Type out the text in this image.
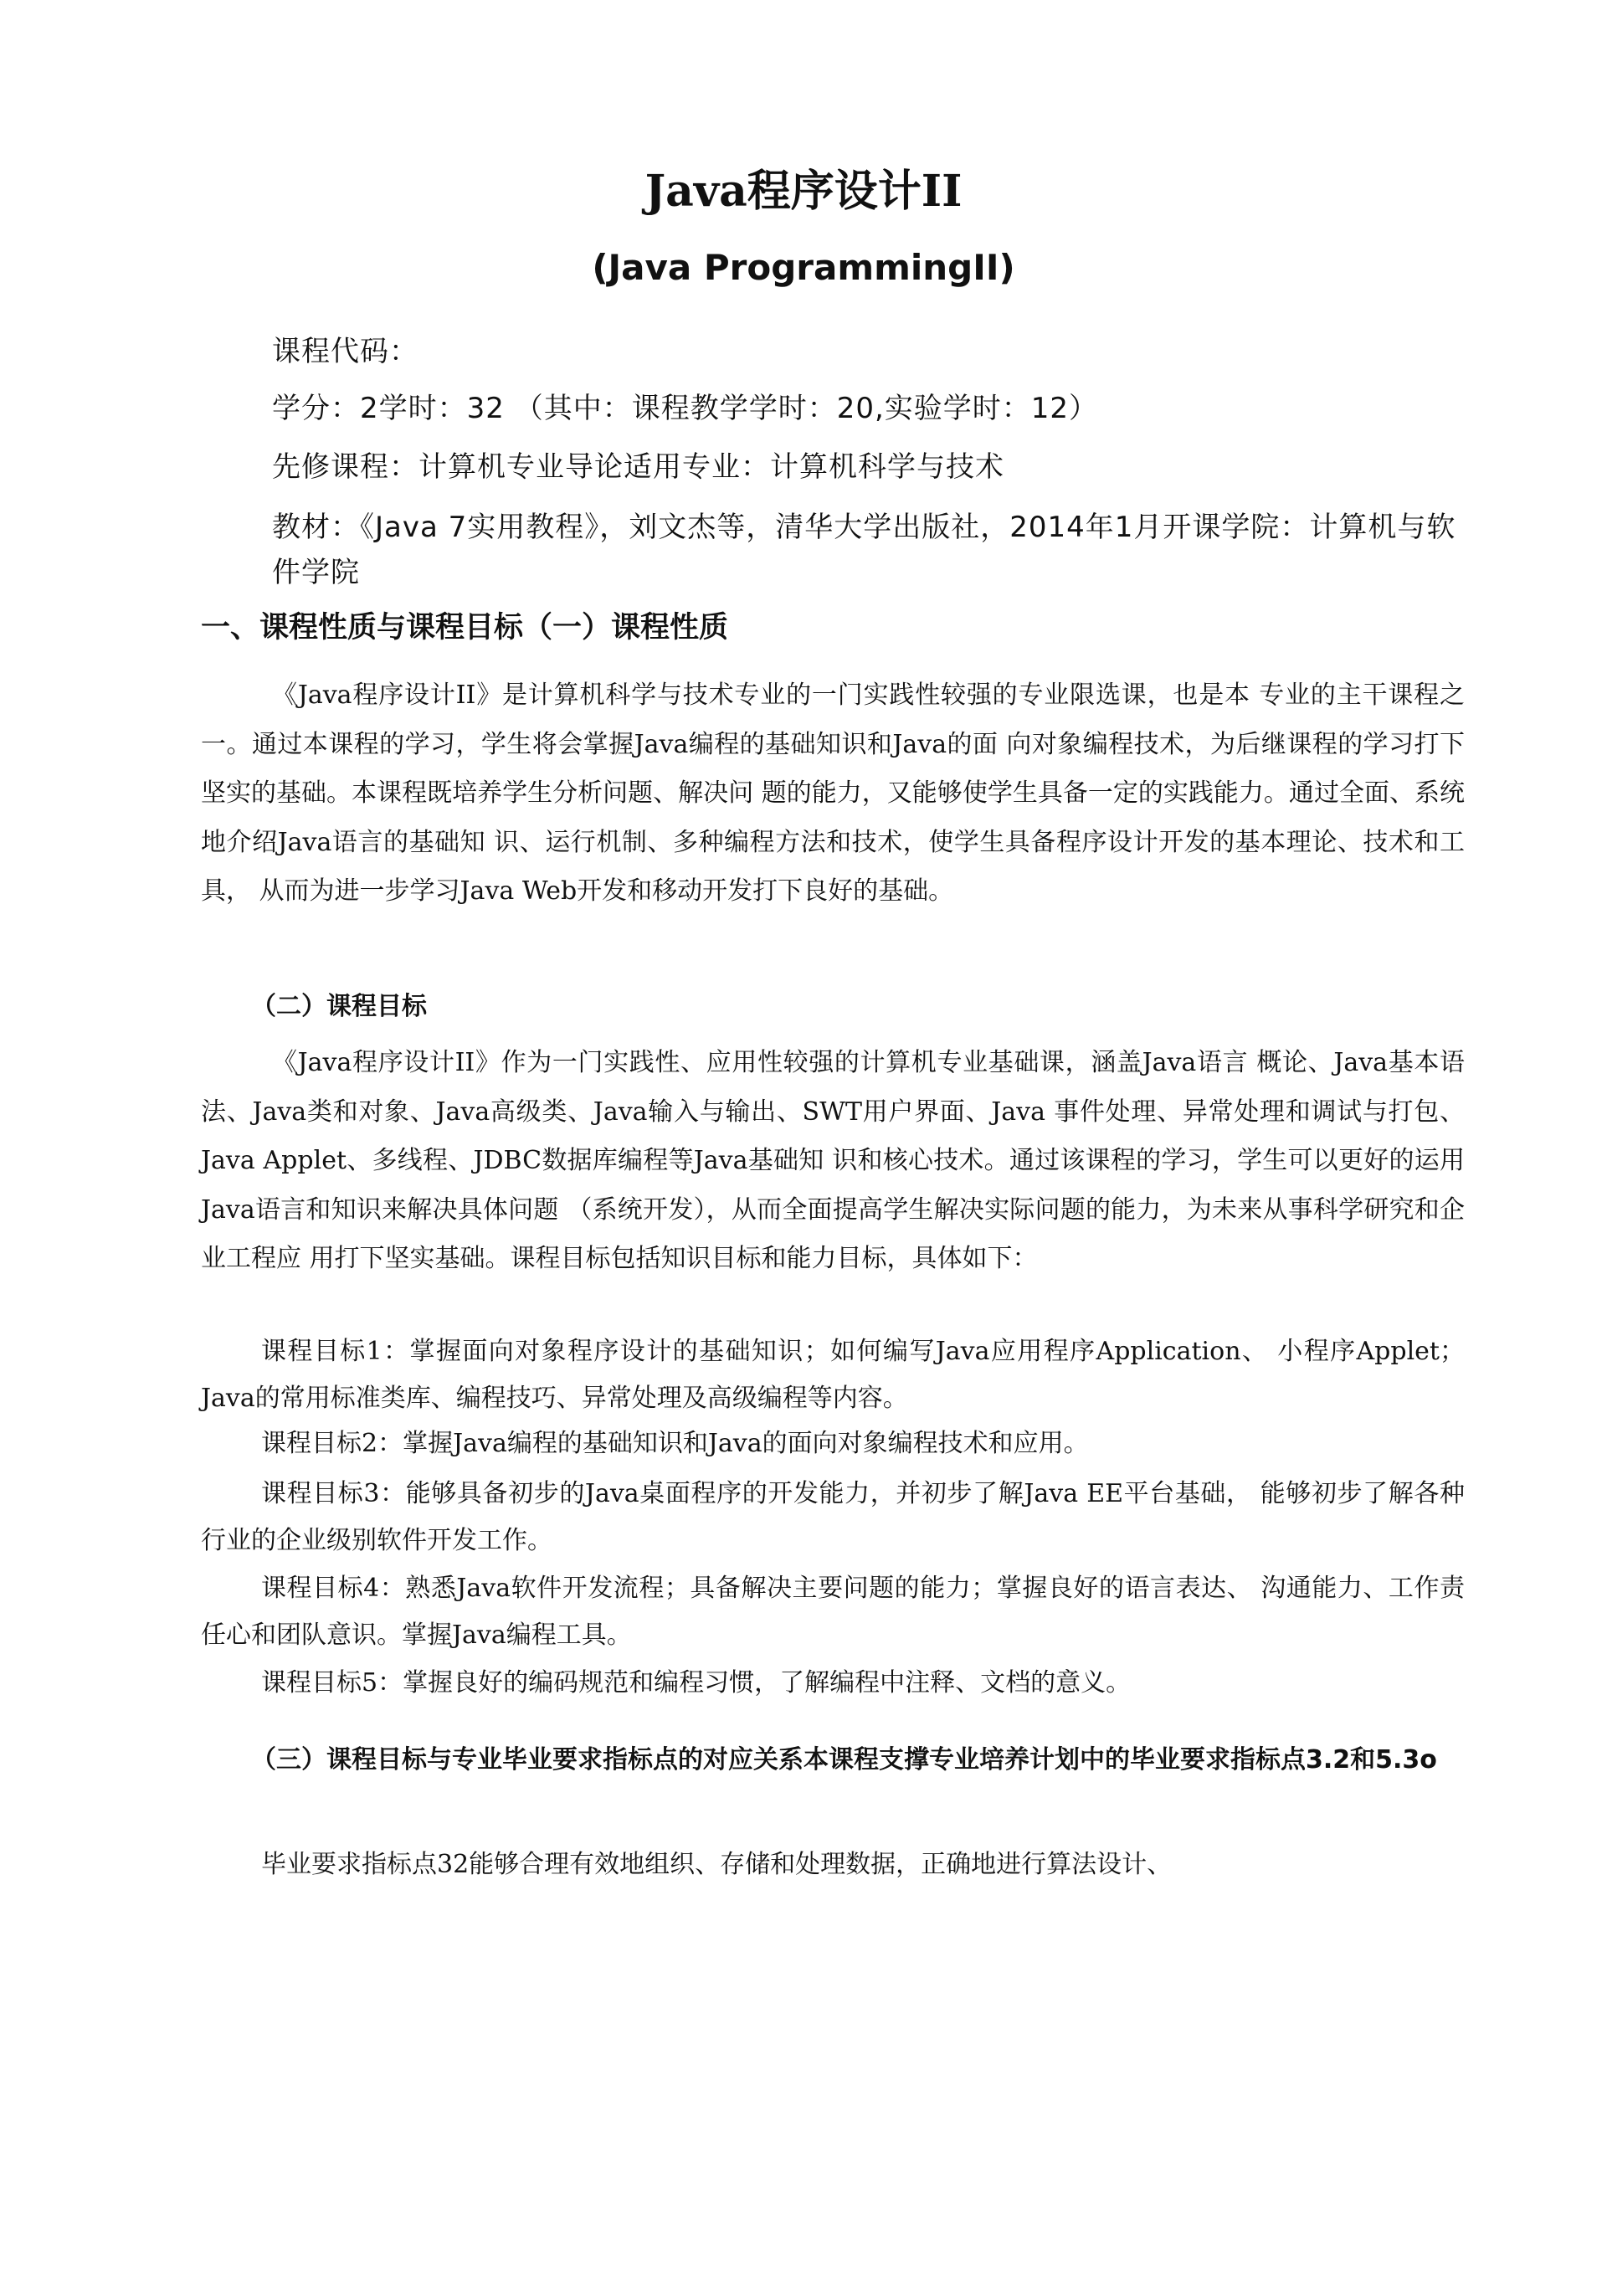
Java程序设计II
(Java ProgrammingII)

课程代码：

学分：2学时：32 （其中：课程教学学时：20,实验学时：12）

先修课程：计算机专业导论适用专业：计算机科学与技术

教材：《Java 7实用教程》，刘文杰等，清华大学出版社，2014年1月开课学院：计算机与软件学院

一、课程性质与课程目标（一）课程性质

《Java程序设计II》是计算机科学与技术专业的一门实践性较强的专业限选课，也是本 专业的主干课程之一。通过本课程的学习，学生将会掌握Java编程的基础知识和Java的面 向对象编程技术，为后继课程的学习打下坚实的基础。本课程既培养学生分析问题、解决问 题的能力，又能够使学生具备一定的实践能力。通过全面、系统地介绍Java语言的基础知 识、运行机制、多种编程方法和技术，使学生具备程序设计开发的基本理论、技术和工具， 从而为进一步学习Java Web开发和移动开发打下良好的基础。

（二）课程目标

《Java程序设计II》作为一门实践性、应用性较强的计算机专业基础课，涵盖Java语言 概论、Java基本语法、Java类和对象、Java高级类、Java输入与输出、SWT用户界面、Java 事件处理、异常处理和调试与打包、Java Applet、多线程、JDBC数据库编程等Java基础知 识和核心技术。通过该课程的学习，学生可以更好的运用Java语言和知识来解决具体问题 （系统开发），从而全面提高学生解决实际问题的能力，为未来从事科学研究和企业工程应 用打下坚实基础。课程目标包括知识目标和能力目标，具体如下：

课程目标1：掌握面向对象程序设计的基础知识；如何编写Java应用程序Application、 小程序Applet；Java的常用标准类库、编程技巧、异常处理及高级编程等内容。

课程目标2：掌握Java编程的基础知识和Java的面向对象编程技术和应用。

课程目标3：能够具备初步的Java桌面程序的开发能力，并初步了解Java EE平台基础， 能够初步了解各种行业的企业级别软件开发工作。

课程目标4：熟悉Java软件开发流程；具备解决主要问题的能力；掌握良好的语言表达、 沟通能力、工作责任心和团队意识。掌握Java编程工具。

课程目标5：掌握良好的编码规范和编程习惯，了解编程中注释、文档的意义。

（三）课程目标与专业毕业要求指标点的对应关系本课程支撑专业培养计划中的毕业要求指标点3.2和5.3o

毕业要求指标点32能够合理有效地组织、存储和处理数据，正确地进行算法设计、
